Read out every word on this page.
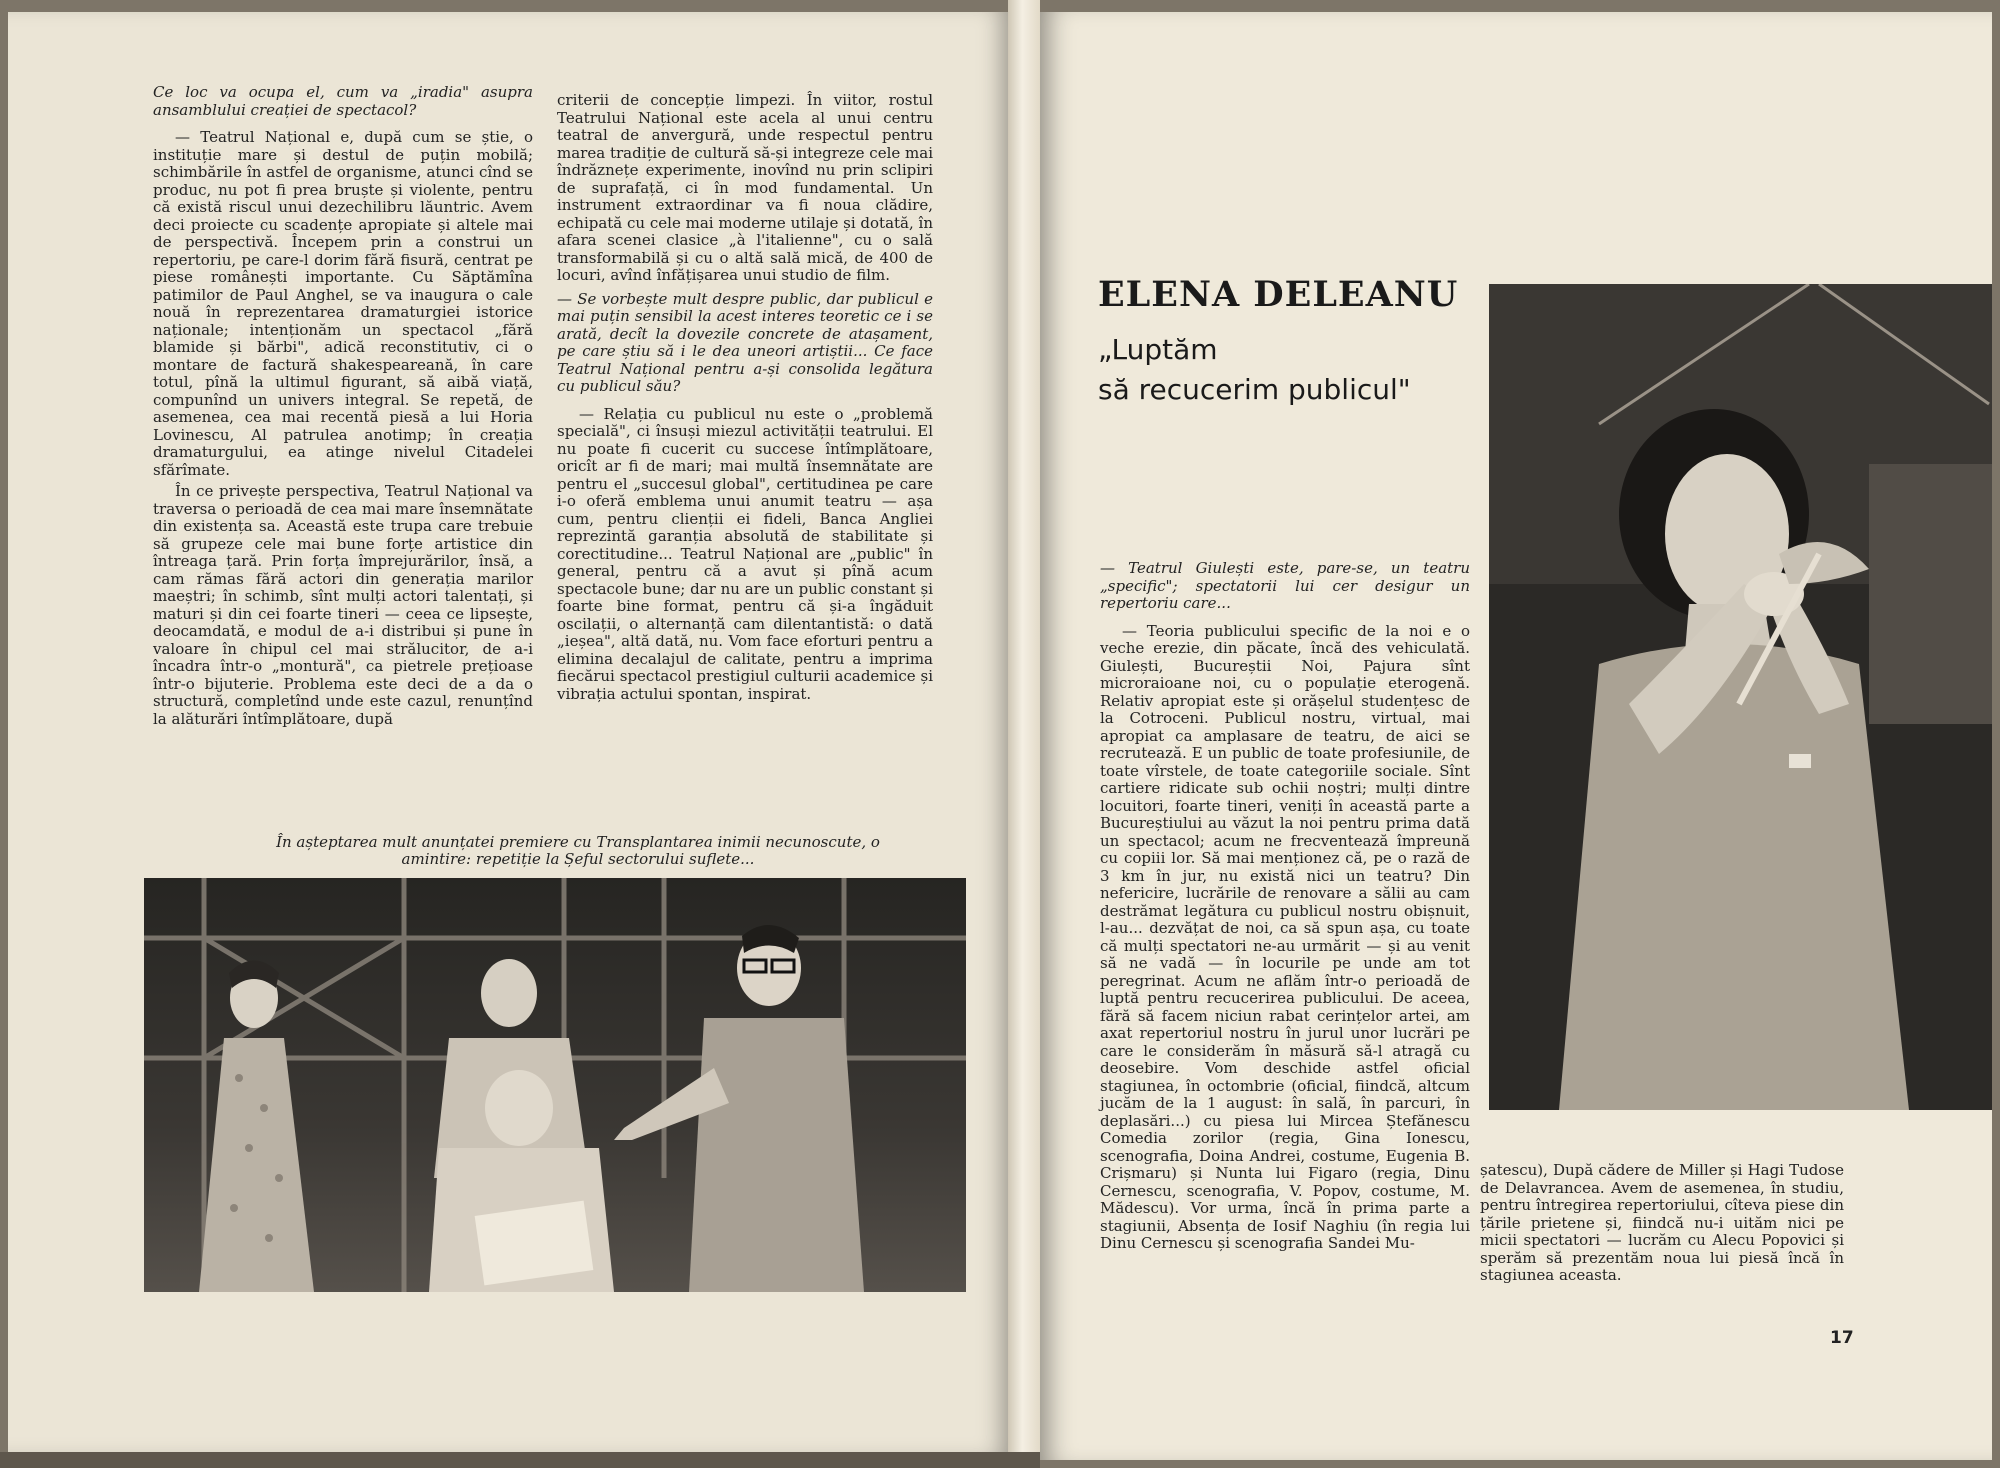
Ce loc va ocupa el, cum va „iradia" asupra ansamblului creației de spectacol?

— Teatrul Național e, după cum se știe, o instituție mare și destul de puțin mobilă; schimbările în astfel de organisme, atunci cînd se produc, nu pot fi prea bruște și violente, pentru că există riscul unui dezechilibru lăuntric. Avem deci proiecte cu scadențe apropiate și altele mai de perspectivă. Începem prin a construi un repertoriu, pe care-l dorim fără fisură, centrat pe piese românești importante. Cu Săptămîna patimilor de Paul Anghel, se va inaugura o cale nouă în reprezentarea dramaturgiei istorice naționale; intenționăm un spectacol „fără blamide și bărbi", adică reconstitutiv, ci o montare de factură shakespeareană, în care totul, pînă la ultimul figurant, să aibă viață, compunînd un univers integral. Se repetă, de asemenea, cea mai recentă piesă a lui Horia Lovinescu, Al patrulea anotimp; în creația dramaturgului, ea atinge nivelul Citadelei sfărîmate.

În ce privește perspectiva, Teatrul Național va traversa o perioadă de cea mai mare însemnătate din existența sa. Această este trupa care trebuie să grupeze cele mai bune forțe artistice din întreaga țară. Prin forța împrejurărilor, însă, a cam rămas fără actori din generația marilor maeștri; în schimb, sînt mulți actori talentați, și maturi și din cei foarte tineri — ceea ce lipsește, deocamdată, e modul de a-i distribui și pune în valoare în chipul cel mai strălucitor, de a-i încadra într-o „montură", ca pietrele prețioase într-o bijuterie. Problema este deci de a da o structură, completînd unde este cazul, renunțînd la alăturări întîmplătoare, după

criterii de concepție limpezi. În viitor, rostul Teatrului Național este acela al unui centru teatral de anvergură, unde respectul pentru marea tradiție de cultură să-și integreze cele mai îndrăznețe experimente, inovînd nu prin sclipiri de suprafață, ci în mod fundamental. Un instrument extraordinar va fi noua clădire, echipată cu cele mai moderne utilaje și dotată, în afara scenei clasice „à l'italienne", cu o sală transformabilă și cu o altă sală mică, de 400 de locuri, avînd înfățișarea unui studio de film.

— Se vorbește mult despre public, dar publicul e mai puțin sensibil la acest interes teoretic ce i se arată, decît la dovezile concrete de atașament, pe care știu să i le dea uneori artiștii... Ce face Teatrul Național pentru a-și consolida legătura cu publicul său?

— Relația cu publicul nu este o „problemă specială", ci însuși miezul activității teatrului. El nu poate fi cucerit cu succese întîmplătoare, oricît ar fi de mari; mai multă însemnătate are pentru el „succesul global", certitudinea pe care i-o oferă emblema unui anumit teatru — așa cum, pentru clienții ei fideli, Banca Angliei reprezintă garanția absolută de stabilitate și corectitudine... Teatrul Național are „public" în general, pentru că a avut și pînă acum spectacole bune; dar nu are un public constant și foarte bine format, pentru că și-a îngăduit oscilații, o alternanță cam dilentantistă: o dată „ieșea", altă dată, nu. Vom face eforturi pentru a elimina decalajul de calitate, pentru a imprima fiecărui spectacol prestigiul culturii academice și vibrația actului spontan, inspirat.

În așteptarea mult anunțatei premiere cu Transplantarea inimii necunoscute, o amintire: repetiție la Șeful sectorului suflete...
ELENA DELEANU
„Luptăm
să recucerim publicul"

— Teatrul Giulești este, pare-se, un teatru „specific"; spectatorii lui cer desigur un repertoriu care...

— Teoria publicului specific de la noi e o veche erezie, din păcate, încă des vehiculată. Giulești, Bucureștii Noi, Pajura sînt microraioane noi, cu o populație eterogenă. Relativ apropiat este și orășelul studențesc de la Cotroceni. Publicul nostru, virtual, mai apropiat ca amplasare de teatru, de aici se recrutează. E un public de toate profesiunile, de toate vîrstele, de toate categoriile sociale. Sînt cartiere ridicate sub ochii noștri; mulți dintre locuitori, foarte tineri, veniți în această parte a Bucureștiului au văzut la noi pentru prima dată un spectacol; acum ne frecventează împreună cu copiii lor. Să mai menționez că, pe o rază de 3 km în jur, nu există nici un teatru? Din nefericire, lucrările de renovare a sălii au cam destrămat legătura cu publicul nostru obișnuit, l-au... dezvățat de noi, ca să spun așa, cu toate că mulți spectatori ne-au urmărit — și au venit să ne vadă — în locurile pe unde am tot peregrinat. Acum ne aflăm într-o perioadă de luptă pentru recucerirea publicului. De aceea, fără să facem niciun rabat cerințelor artei, am axat repertoriul nostru în jurul unor lucrări pe care le considerăm în măsură să-l atragă cu deosebire. Vom deschide astfel oficial stagiunea, în octombrie (oficial, fiindcă, altcum jucăm de la 1 august: în sală, în parcuri, în deplasări...) cu piesa lui Mircea Ștefănescu Comedia zorilor (regia, Gina Ionescu, scenografia, Doina Andrei, costume, Eugenia B. Crișmaru) și Nunta lui Figaro (regia, Dinu Cernescu, scenografia, V. Popov, costume, M. Mădescu). Vor urma, încă în prima parte a stagiunii, Absența de Iosif Naghiu (în regia lui Dinu Cernescu și scenografia Sandei Mu-

șatescu), După cădere de Miller și Hagi Tudose de Delavrancea. Avem de asemenea, în studiu, pentru întregirea repertoriului, cîteva piese din țările prietene și, fiindcă nu-i uităm nici pe micii spectatori — lucrăm cu Alecu Popovici și sperăm să prezentăm noua lui piesă încă în stagiunea aceasta.

17
